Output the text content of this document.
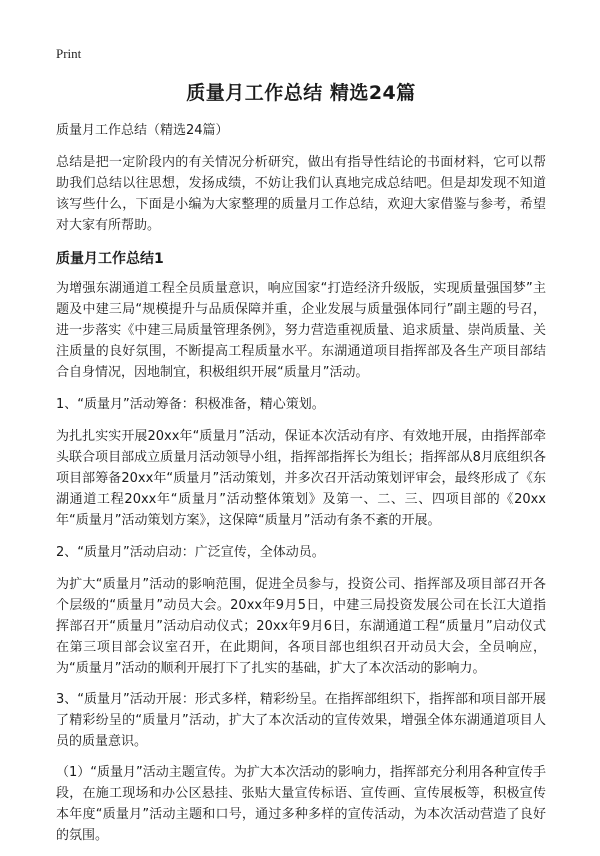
Print
质量月工作总结 精选24篇
质量月工作总结（精选24篇）

总结是把一定阶段内的有关情况分析研究，做出有指导性结论的书面材料，它可以帮助我们总结以往思想，发扬成绩，不妨让我们认真地完成总结吧。但是却发现不知道该写些什么，下面是小编为大家整理的质量月工作总结，欢迎大家借鉴与参考，希望对大家有所帮助。

质量月工作总结1

为增强东湖通道工程全员质量意识，响应国家“打造经济升级版，实现质量强国梦”主题及中建三局“规模提升与品质保障并重，企业发展与质量强体同行”副主题的号召，进一步落实《中建三局质量管理条例》，努力营造重视质量、追求质量、崇尚质量、关注质量的良好氛围，不断提高工程质量水平。东湖通道项目指挥部及各生产项目部结合自身情况，因地制宜，积极组织开展“质量月”活动。

1、“质量月”活动筹备：积极准备，精心策划。

为扎扎实实开展20xx年“质量月”活动，保证本次活动有序、有效地开展，由指挥部牵头联合项目部成立质量月活动领导小组，指挥部指挥长为组长；指挥部从8月底组织各项目部筹备20xx年“质量月”活动策划，并多次召开活动策划评审会，最终形成了《东湖通道工程20xx年“质量月”活动整体策划》及第一、二、三、四项目部的《20xx年“质量月”活动策划方案》，这保障“质量月”活动有条不紊的开展。

2、“质量月”活动启动：广泛宣传，全体动员。

为扩大“质量月”活动的影响范围，促进全员参与，投资公司、指挥部及项目部召开各个层级的“质量月”动员大会。20xx年9月5日，中建三局投资发展公司在长江大道指挥部召开“质量月”活动启动仪式；20xx年9月6日，东湖通道工程“质量月”启动仪式在第三项目部会议室召开，在此期间，各项目部也组织召开动员大会，全员响应，为“质量月”活动的顺利开展打下了扎实的基础，扩大了本次活动的影响力。

3、“质量月”活动开展：形式多样，精彩纷呈。在指挥部组织下，指挥部和项目部开展了精彩纷呈的“质量月”活动，扩大了本次活动的宣传效果，增强全体东湖通道项目人员的质量意识。

（1）“质量月”活动主题宣传。为扩大本次活动的影响力，指挥部充分利用各种宣传手段，在施工现场和办公区悬挂、张贴大量宣传标语、宣传画、宣传展板等，积极宣传本年度“质量月”活动主题和口号，通过多种多样的宣传活动，为本次活动营造了良好的氛围。
